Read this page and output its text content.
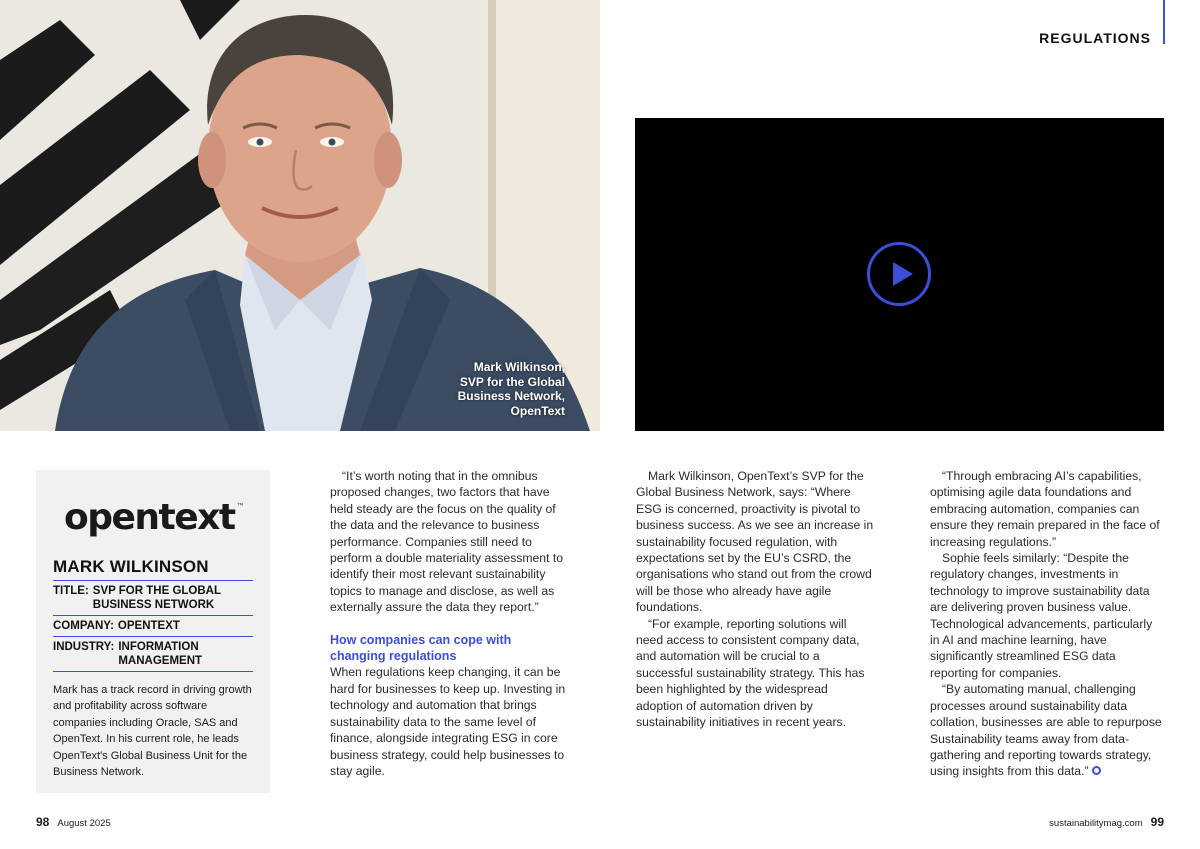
Mark Wilkinson,
SVP for the Global
Business Network,
OpenText
REGULATIONS
opentext ™
MARK WILKINSON
TITLE: SVP FOR THE GLOBAL BUSINESS NETWORK
COMPANY: OPENTEXT
INDUSTRY: INFORMATION MANAGEMENT

Mark has a track record in driving growth and profitability across software companies including Oracle, SAS and OpenText. In his current role, he leads OpenText's Global Business Unit for the Business Network.

“It’s worth noting that in the omnibus proposed changes, two factors that have held steady are the focus on the quality of the data and the relevance to business performance. Companies still need to perform a double materiality assessment to identify their most relevant sustainability topics to manage and disclose, as well as externally assure the data they report.”

How companies can cope with changing regulations

When regulations keep changing, it can be hard for businesses to keep up. Investing in technology and automation that brings sustainability data to the same level of finance, alongside integrating ESG in core business strategy, could help businesses to stay agile.

Mark Wilkinson, OpenText’s SVP for the Global Business Network, says: “Where ESG is concerned, proactivity is pivotal to business success. As we see an increase in sustainability focused regulation, with expectations set by the EU’s CSRD, the organisations who stand out from the crowd will be those who already have agile foundations.

“For example, reporting solutions will need access to consistent company data, and automation will be crucial to a successful sustainability strategy. This has been highlighted by the widespread adoption of automation driven by sustainability initiatives in recent years.

“Through embracing AI’s capabilities, optimising agile data foundations and embracing automation, companies can ensure they remain prepared in the face of increasing regulations.”

Sophie feels similarly: “Despite the regulatory changes, investments in technology to improve sustainability data are delivering proven business value. Technological advancements, particularly in AI and machine learning, have significantly streamlined ESG data reporting for companies.

“By automating manual, challenging processes around sustainability data collation, businesses are able to repurpose Sustainability teams away from data-gathering and reporting towards strategy, using insights from this data.”

98 August 2025	sustainabilitymag.com 99
